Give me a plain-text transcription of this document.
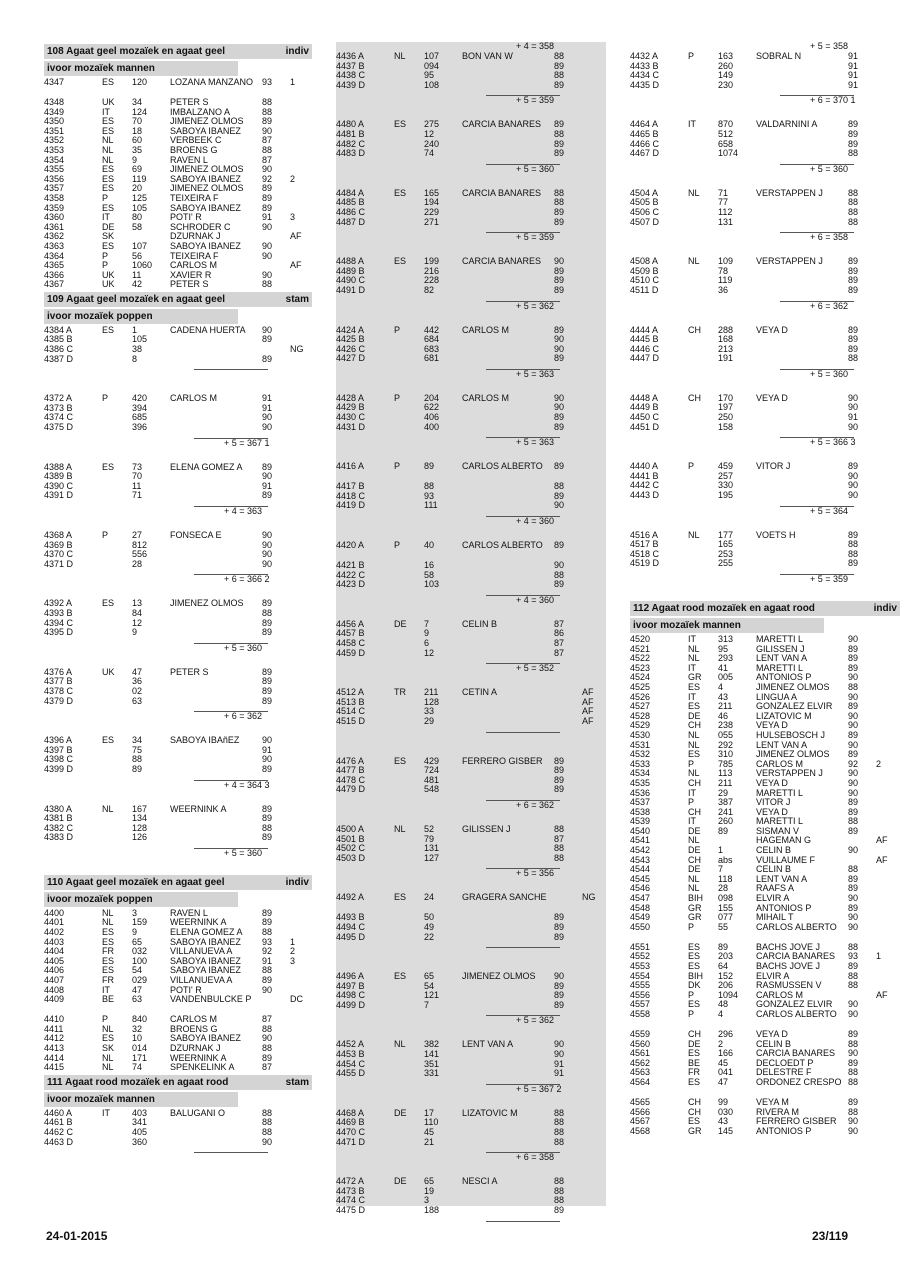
108 Agaat geel mozaïek en agaat geel	indiv
ivoor mozaïek mannen
4347	ES	120	LOZANA MANZANO 93	1
4348	UK	34	PETER S	88
4349	IT	124	IMBALZANO A	88
4350	ES	70	JIMENEZ OLMOS	89
4351	ES	18	SABOYA IBAÑEZ	90
4352	NL	60	VERBEEK C	87
4353	NL	35	BROENS G	88
4354	NL	9	RAVEN L	87
4355	ES	69	JIMENEZ OLMOS	90
4356	ES	119	SABOYA IBAÑEZ	92	2
4357	ES	20	JIMENEZ OLMOS	89
4358	P	125	TEIXEIRA F	89
4359	ES	105	SABOYA IBAÑEZ	89
4360	IT	80	POTI' R	91	3
4361	DE	58	SCHRÖDER C	90
4362	SK	DZURNAK J	AF
4363	ES	107	SABOYA IBAÑEZ	90
4364	P	56	TEIXEIRA F	90
4365	P	1060	CARLOS M	AF
4366	UK	11	XAVIER R	90
4367	UK	42	PETER S	88
109 Agaat geel mozaïek en agaat geel	stam
ivoor mozaïek poppen
4384 A	ES	1	CADENA HUERTA	90
4385 B	105	89
4386 C	38	NG
4387 D	8	89
4372 A	P	420	CARLOS M	91
4373 B	394	91
4374 C	685	90
4375 D	396	90
+ 5 = 367 1
4388 A	ES	73	ELENA GOMEZ A	89
4389 B	70	90
4390 C	11	91
4391 D	71	89
+ 4 = 363
4368 A	P	27	FONSECA E	90
4369 B	812	90
4370 C	556	90
4371 D	28	90
+ 6 = 366 2
4392 A	ES	13	JIMENEZ OLMOS	89
4393 B	84	88
4394 C	12	89
4395 D	9	89
+ 5 = 360
4376 A	UK	47	PETER S	89
4377 B	36	89
4378 C	02	89
4379 D	63	89
+ 6 = 362
4396 A	ES	34	SABOYA IBAñEZ	90
4397 B	75	91
4398 C	88	90
4399 D	89	89
+ 4 = 364 3
4380 A	NL	167	WEERNINK A	89
4381 B	134	89
4382 C	128	88
4383 D	126	89
+ 5 = 360
110 Agaat geel mozaïek en agaat geel	indiv
ivoor mozaïek poppen
4400	NL	3	RAVEN L	89
4401	NL	159	WEERNINK A	89
4402	ES	9	ELENA GOMEZ A	88
4403	ES	65	SABOYA IBAÑEZ	93	1
4404	FR	032	VILLANUEVA A	92	2
4405	ES	100	SABOYA IBAÑEZ	91	3
4406	ES	54	SABOYA IBAÑEZ	88
4407	FR	029	VILLANUEVA A	89
4408	IT	47	POTI' R	90
4409	BE	63	VANDENBULCKE P	DC
4410	P	840	CARLOS M	87
4411	NL	32	BROENS G	88
4412	ES	10	SABOYA IBAÑEZ	90
4413	SK	014	DZURNAK J	88
4414	NL	171	WEERNINK A	89
4415	NL	74	SPENKELINK A	87
111 Agaat rood mozaïek en agaat rood	stam
ivoor mozaïek mannen
4460 A	IT	403	BALUGANI O	88
4461 B	341	88
4462 C	405	88
4463 D	360	90
+ 4 = 358
4436 A	NL	107	BON VAN W	88
4437 B	094	89
4438 C	95	88
4439 D	108	89
+ 5 = 359
4480 A	ES	275	CARCIA BANARES	89
4481 B	12	88
4482 C	240	89
4483 D	74	89
+ 5 = 360
4484 A	ES	165	CARCIA BANARES	88
4485 B	194	88
4486 C	229	89
4487 D	271	89
+ 5 = 359
4488 A	ES	199	CARCIA BANARES	90
4489 B	216	89
4490 C	228	89
4491 D	82	89
+ 5 = 362
4424 A	P	442	CARLOS M	89
4425 B	684	90
4426 C	683	90
4427 D	681	89
+ 5 = 363
4428 A	P	204	CARLOS M	90
4429 B	622	90
4430 C	406	89
4431 D	400	89
+ 5 = 363
4416 A	P	89	CARLOS ALBERTO	89
4417 B	88	88
4418 C	93	89
4419 D	111	90
+ 4 = 360
4420 A	P	40	CARLOS ALBERTO	89
4421 B	16	90
4422 C	58	88
4423 D	103	89
+ 4 = 360
4456 A	DE	7	CELIN B	87
4457 B	9	86
4458 C	6	87
4459 D	12	87
+ 5 = 352
4512 A	TR	211	CETIN A	AF
4513 B	128	AF
4514 C	33	AF
4515 D	29	AF
4476 A	ES	429	FERRERO GISBER	89
4477 B	724	89
4478 C	481	89
4479 D	548	89
+ 6 = 362
4500 A	NL	52	GILISSEN J	88
4501 B	79	87
4502 C	131	88
4503 D	127	88
+ 5 = 356
4492 A	ES	24	GRAGERA SANCHE	NG
4493 B	50	89
4494 C	49	89
4495 D	22	89
4496 A	ES	65	JIMENEZ OLMOS	90
4497 B	54	89
4498 C	121	89
4499 D	7	89
+ 5 = 362
4452 A	NL	382	LENT VAN A	90
4453 B	141	90
4454 C	351	91
4455 D	331	91
+ 5 = 367 2
4468 A	DE	17	LIZATOVIC M	88
4469 B	110	88
4470 C	45	88
4471 D	21	88
+ 6 = 358
4472 A	DE	65	NESCI A	88
4473 B	19	88
4474 C	3	88
4475 D	188	89
+ 5 = 358
4432 A	P	163	SOBRAL N	91
4433 B	260	91
4434 C	149	91
4435 D	230	91
+ 6 = 370 1
4464 A	IT	870	VALDARNINI A	89
4465 B	512	89
4466 C	658	89
4467 D	1074	88
+ 5 = 360
4504 A	NL	71	VERSTAPPEN J	88
4505 B	77	88
4506 C	112	88
4507 D	131	88
+ 6 = 358
4508 A	NL	109	VERSTAPPEN J	89
4509 B	78	89
4510 C	119	89
4511 D	36	89
+ 6 = 362
4444 A	CH	288	VEYA D	89
4445 B	168	89
4446 C	213	89
4447 D	191	88
+ 5 = 360
4448 A	CH	170	VEYA D	90
4449 B	197	90
4450 C	250	91
4451 D	158	90
+ 5 = 366 3
4440 A	P	459	VÍTOR J	89
4441 B	257	90
4442 C	330	90
4443 D	195	90
+ 5 = 364
4516 A	NL	177	VOETS H	89
4517 B	165	88
4518 C	253	88
4519 D	255	89
+ 5 = 359
112 Agaat rood mozaïek en agaat rood	indiv
ivoor mozaïek mannen
4520	IT	313	MARETTI L	90
4521	NL	95	GILISSEN J	89
4522	NL	293	LENT VAN A	89
4523	IT	41	MARETTI L	89
4524	GR	005	ANTONIOS P	90
4525	ES	4	JIMENEZ OLMOS	88
4526	IT	43	LINGUA A	90
4527	ES	211	GONZALEZ ELVIR	89
4528	DE	46	LIZATOVIC M	90
4529	CH	238	VEYA D	90
4530	NL	055	HULSEBOSCH J	89
4531	NL	292	LENT VAN A	90
4532	ES	310	JIMENEZ OLMOS	89
4533	P	785	CARLOS M	92	2
4534	NL	113	VERSTAPPEN J	90
4535	CH	211	VEYA D	90
4536	IT	29	MARETTI L	90
4537	P	387	VÍTOR J	89
4538	CH	241	VEYA D	89
4539	IT	260	MARETTI L	88
4540	DE	89	SISMAN V	89
4541	NL	HAGEMAN G	AF
4542	DE	1	CELIN B	90
4543	CH	abs	VUILLAUME F	AF
4544	DE	7	CELIN B	88
4545	NL	118	LENT VAN A	89
4546	NL	28	RAAFS A	89
4547	BIH	098	ELVIR A	90
4548	GR	155	ANTONIOS P	89
4549	GR	077	MIHAIL T	90
4550	P	55	CARLOS ALBERTO	90
4551	ES	89	BACHS JOVE J	88
4552	ES	203	CARCIA BANARES	93	1
4553	ES	64	BACHS JOVE J	89
4554	BIH	152	ELVIR A	88
4555	DK	206	RASMUSSEN V	88
4556	P	1094	CARLOS M	AF
4557	ES	48	GONZALEZ ELVIR	90
4558	P	4	CARLOS ALBERTO	90
4559	CH	296	VEYA D	89
4560	DE	2	CELIN B	88
4561	ES	166	CARCIA BANARES	90
4562	BE	45	DECLOEDT P	89
4563	FR	041	DELESTRE F	88
4564	ES	47	ORDOÑEZ CRESPO 88
4565	CH	99	VEYA M	89
4566	CH	030	RIVERA M	88
4567	ES	43	FERRERO GISBER	90
4568	GR	145	ANTONIOS P	90
24-01-2015	23/119
